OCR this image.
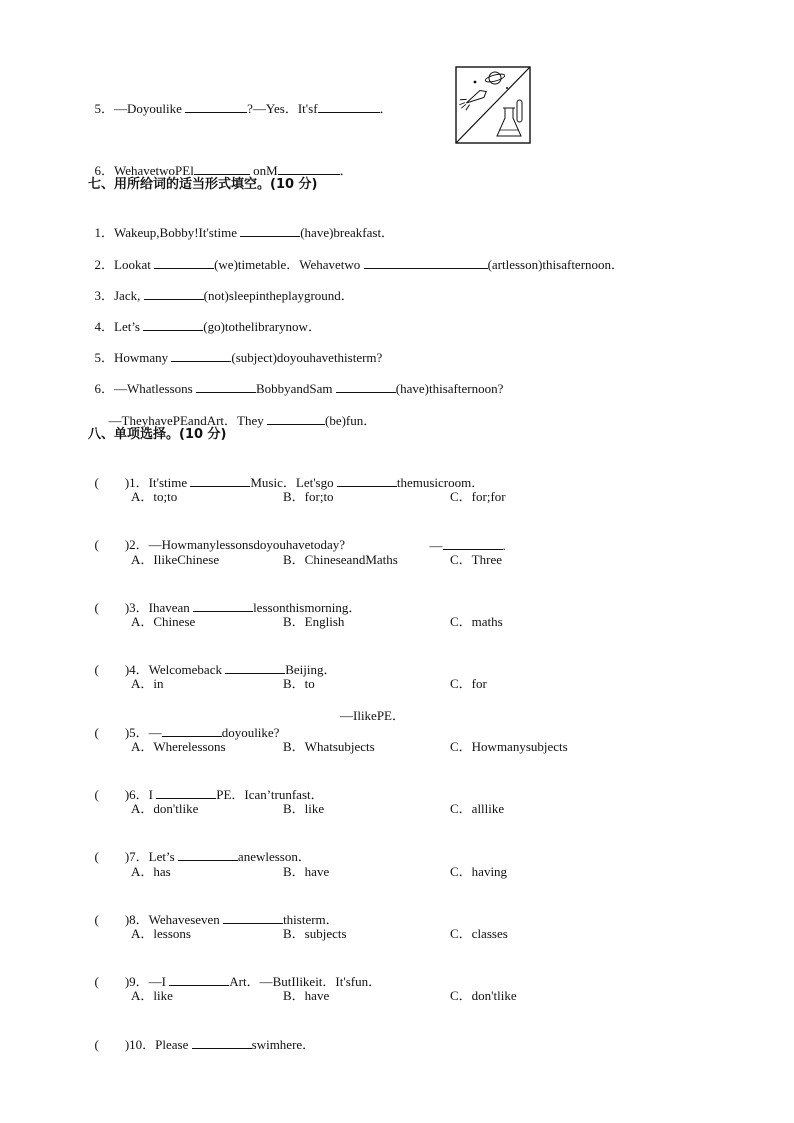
5．—Doyoulike	?—Yes．It'sf	．

6．WehavetwoPEl	onM	．

七、用所给词的适当形式填空。(10 分)

1．Wakeup,Bobby!It'stime	(have)breakfast．

2．Lookat	(we)timetable．Wehavetwo	(artlesson)thisafternoon．

3．Jack,	(not)sleepintheplayground．

4．Let’s	(go)tothelibrarynow．

5．Howmany	(subject)doyouhavethisterm?

6．—Whatlessons	BobbyandSam	(have)thisafternoon?

—TheyhavePEandArt．They	(be)fun．

八、单项选择。(10 分)

(        )1．It'stime	Music．Let'sgo	themusicroom．

A．to;to	B．for;to	C．for;for

(        )2．—Howmanylessonsdoyouhavetoday?	—	.

A．IlikeChinese	B．ChineseandMaths	C．Three

(        )3．Ihavean	lessonthismorning．

A．Chinese	B．English	C．maths

(        )4．Welcomeback	Beijing．

A．in	B．to	C．for

(        )5．—	doyoulike?

—IlikePE．
A．Wherelessons	B．Whatsubjects	C．Howmanysubjects

(        )6．I	PE．Ican’trunfast．

A．don'tlike	B．like	C．alllike

(        )7．Let’s	anewlesson．

A．has	B．have	C．having

(        )8．Wehaveseven	thisterm．

A．lessons	B．subjects	C．classes

(        )9．—I	Art．—ButIlikeit．It'sfun．

A．like	B．have	C．don'tlike

(        )10．Please	swimhere．
